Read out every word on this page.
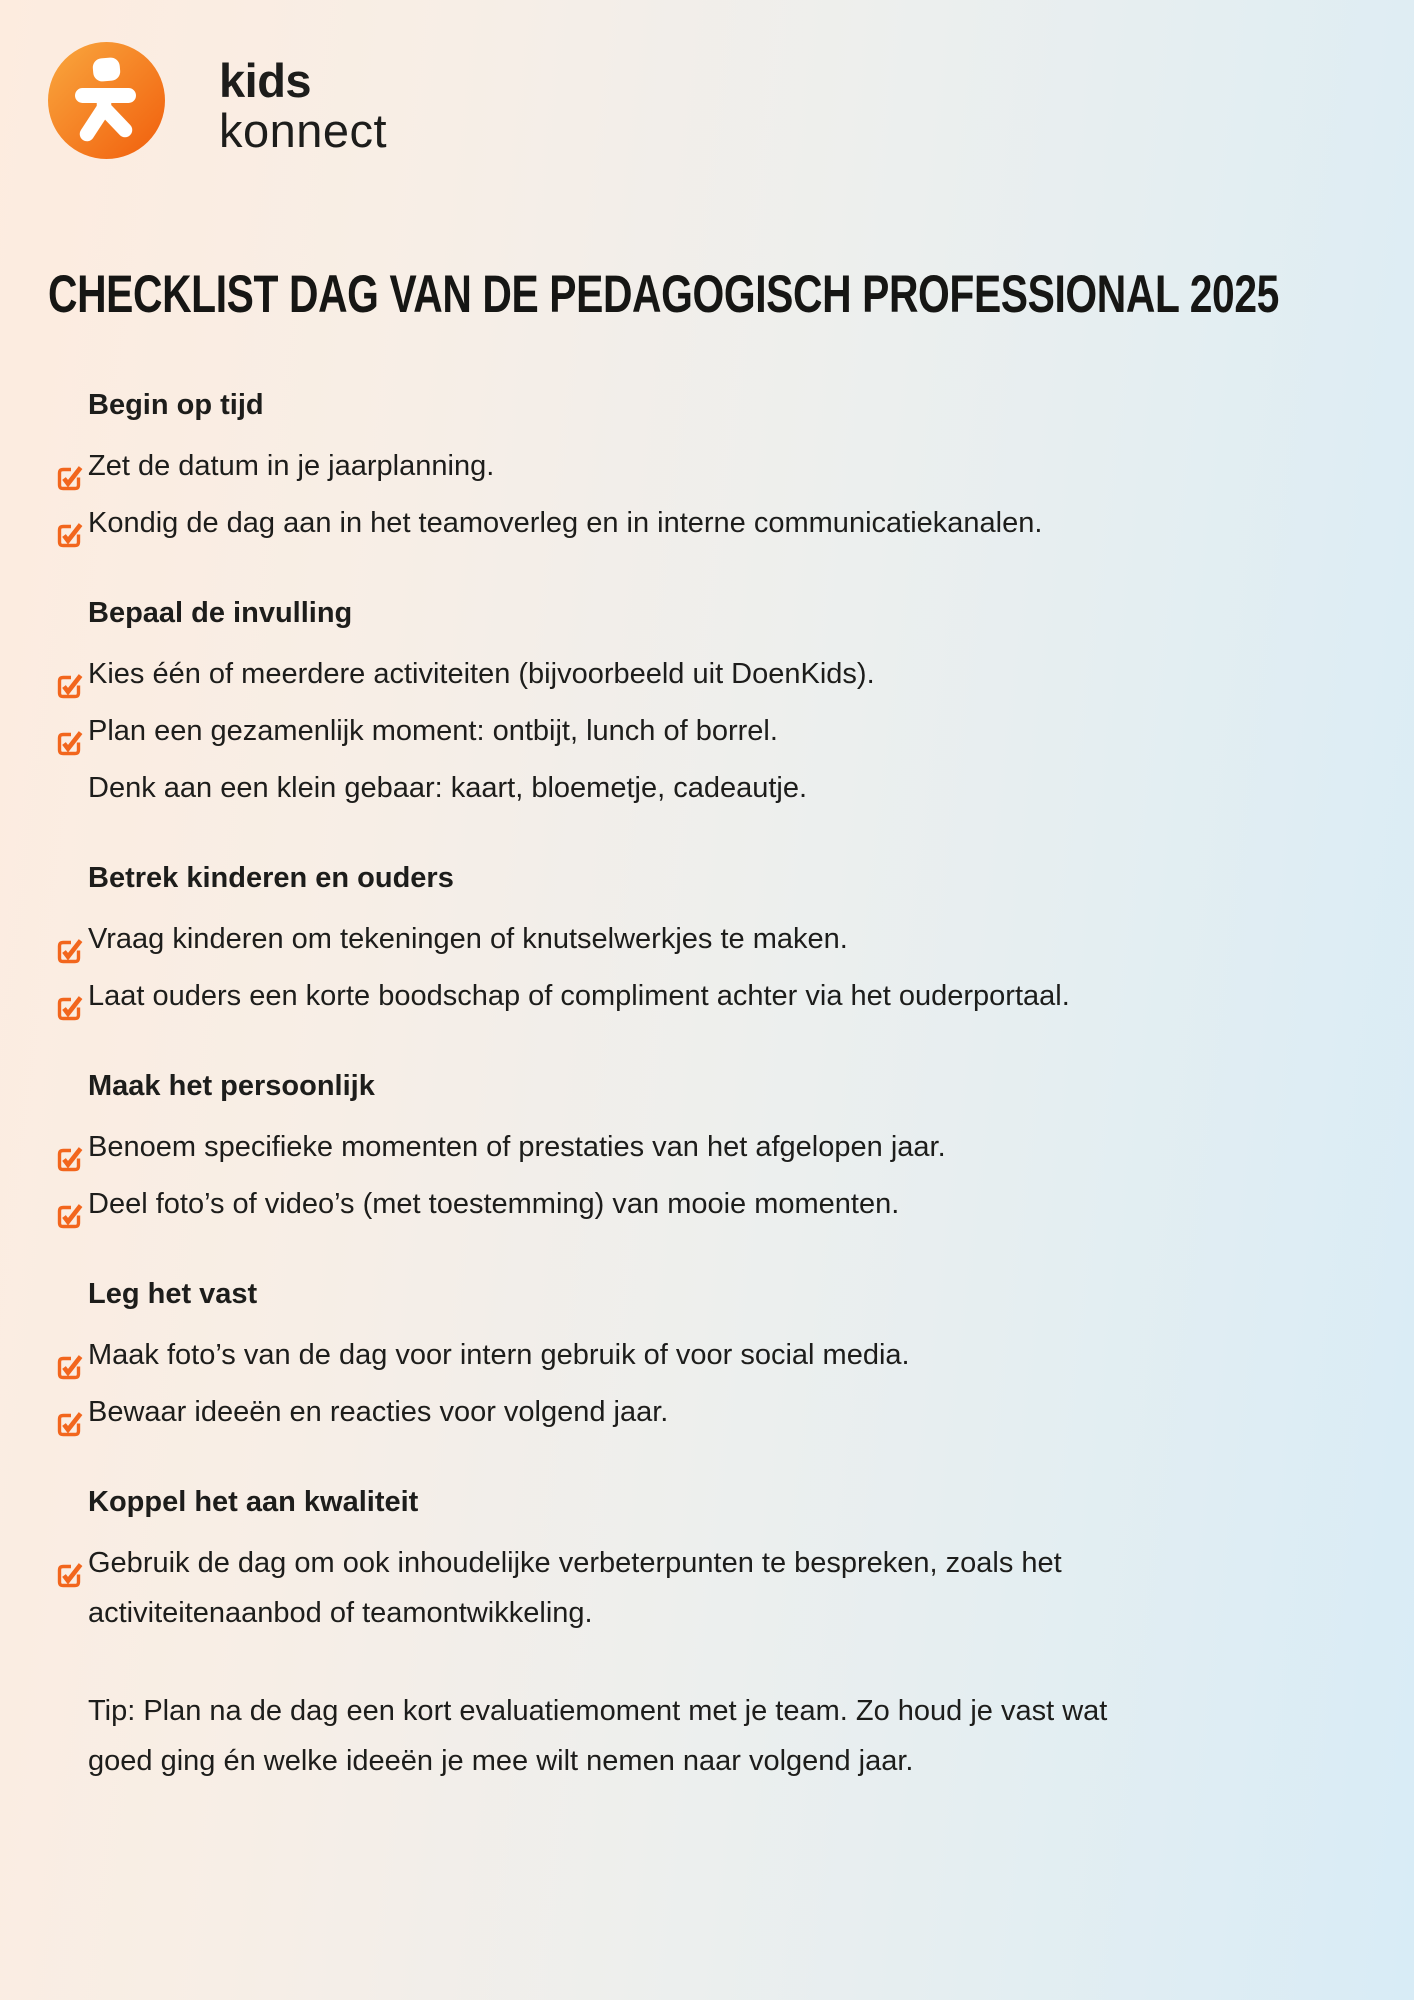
kids
konnect
CHECKLIST DAG VAN DE PEDAGOGISCH PROFESSIONAL 2025
Begin op tijd
Zet de datum in je jaarplanning.
Kondig de dag aan in het teamoverleg en in interne communicatiekanalen.
Bepaal de invulling
Kies één of meerdere activiteiten (bijvoorbeeld uit DoenKids).
Plan een gezamenlijk moment: ontbijt, lunch of borrel.
Denk aan een klein gebaar: kaart, bloemetje, cadeautje.
Betrek kinderen en ouders
Vraag kinderen om tekeningen of knutselwerkjes te maken.
Laat ouders een korte boodschap of compliment achter via het ouderportaal.
Maak het persoonlijk
Benoem specifieke momenten of prestaties van het afgelopen jaar.
Deel foto’s of video’s (met toestemming) van mooie momenten.
Leg het vast
Maak foto’s van de dag voor intern gebruik of voor social media.
Bewaar ideeën en reacties voor volgend jaar.
Koppel het aan kwaliteit
Gebruik de dag om ook inhoudelijke verbeterpunten te bespreken, zoals het
activiteitenaanbod of teamontwikkeling.

Tip: Plan na de dag een kort evaluatiemoment met je team. Zo houd je vast wat
goed ging én welke ideeën je mee wilt nemen naar volgend jaar.
